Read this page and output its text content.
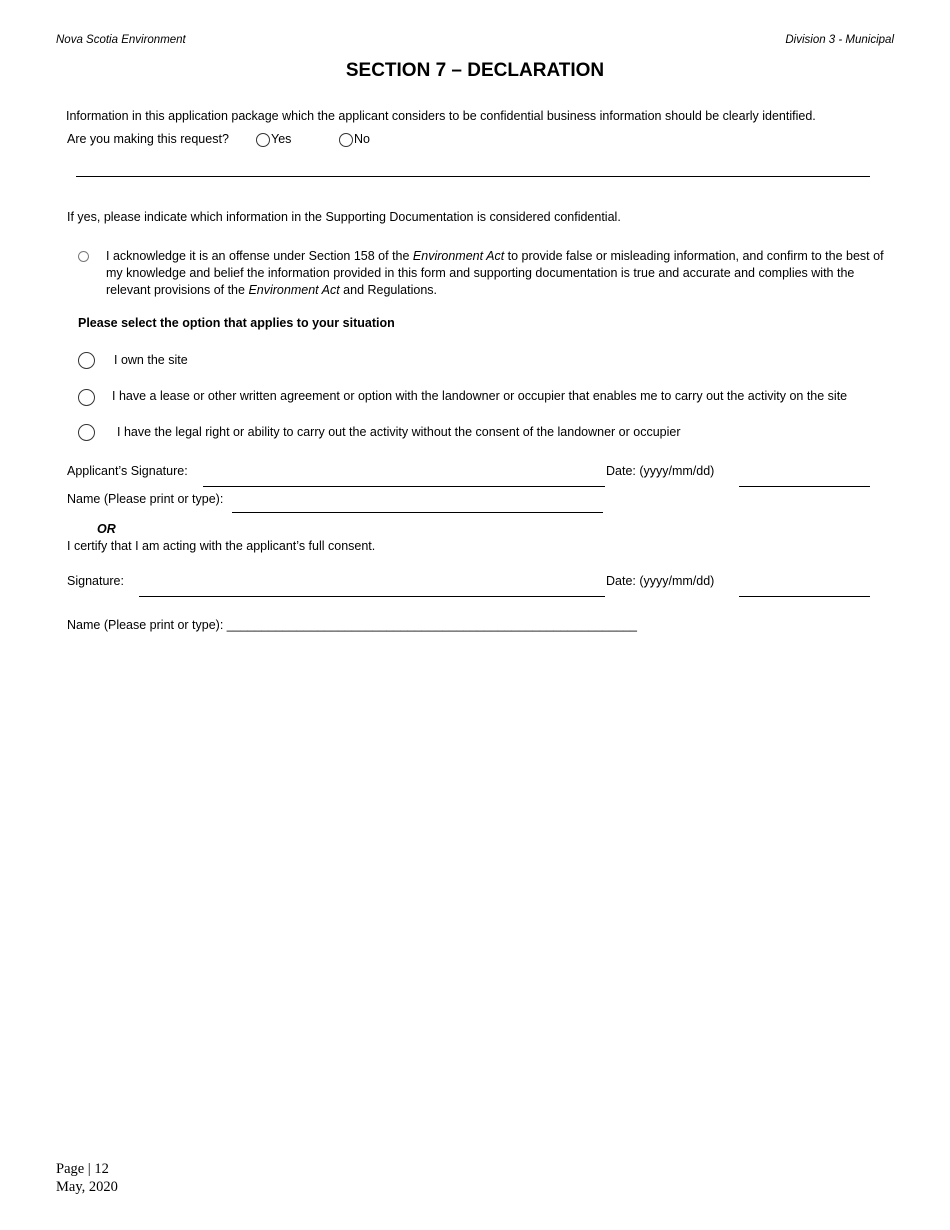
Nova Scotia Environment	Division 3 - Municipal
SECTION 7 – DECLARATION
Information in this application package which the applicant considers to be confidential business information should be clearly identified.
Are you making this request?	Yes	No
If yes, please indicate which information in the Supporting Documentation is considered confidential.
I acknowledge it is an offense under Section 158 of the Environment Act to provide false or misleading information, and confirm to the best of my knowledge and belief the information provided in this form and supporting documentation is true and accurate and complies with the relevant provisions of the Environment Act and Regulations.
Please select the option that applies to your situation
I own the site
I have a lease or other written agreement or option with the landowner or occupier that enables me to carry out the activity on the site
I have the legal right or ability to carry out the activity without the consent of the landowner or occupier
Applicant’s Signature:	Date: (yyyy/mm/dd)
Name (Please print or type):
OR
I certify that I am acting with the applicant’s full consent.
Signature:	Date: (yyyy/mm/dd)
Name (Please print or type): ___________________________________________________________
Page | 12
May, 2020
